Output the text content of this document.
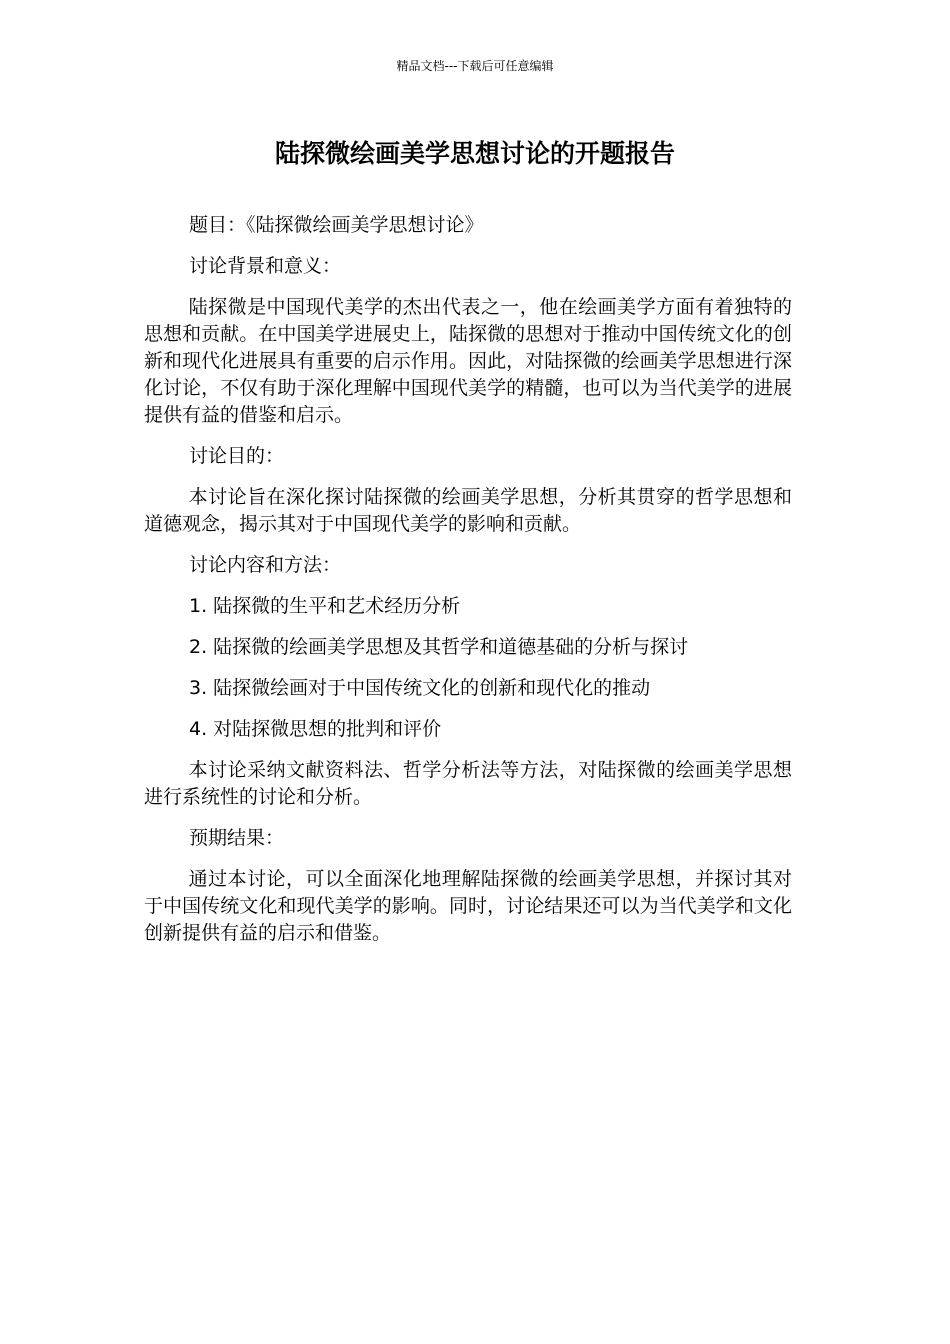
精品文档---下载后可任意编辑
陆探微绘画美学思想讨论的开题报告

题目：《陆探微绘画美学思想讨论》

讨论背景和意义：

陆探微是中国现代美学的杰出代表之一，他在绘画美学方面有着独特的思想和贡献。在中国美学进展史上，陆探微的思想对于推动中国传统文化的创新和现代化进展具有重要的启示作用。因此，对陆探微的绘画美学思想进行深化讨论，不仅有助于深化理解中国现代美学的精髓，也可以为当代美学的进展提供有益的借鉴和启示。

讨论目的：

本讨论旨在深化探讨陆探微的绘画美学思想，分析其贯穿的哲学思想和道德观念，揭示其对于中国现代美学的影响和贡献。

讨论内容和方法：

1. 陆探微的生平和艺术经历分析

2. 陆探微的绘画美学思想及其哲学和道德基础的分析与探讨

3. 陆探微绘画对于中国传统文化的创新和现代化的推动

4. 对陆探微思想的批判和评价

本讨论采纳文献资料法、哲学分析法等方法，对陆探微的绘画美学思想进行系统性的讨论和分析。

预期结果：

通过本讨论，可以全面深化地理解陆探微的绘画美学思想，并探讨其对于中国传统文化和现代美学的影响。同时，讨论结果还可以为当代美学和文化创新提供有益的启示和借鉴。
